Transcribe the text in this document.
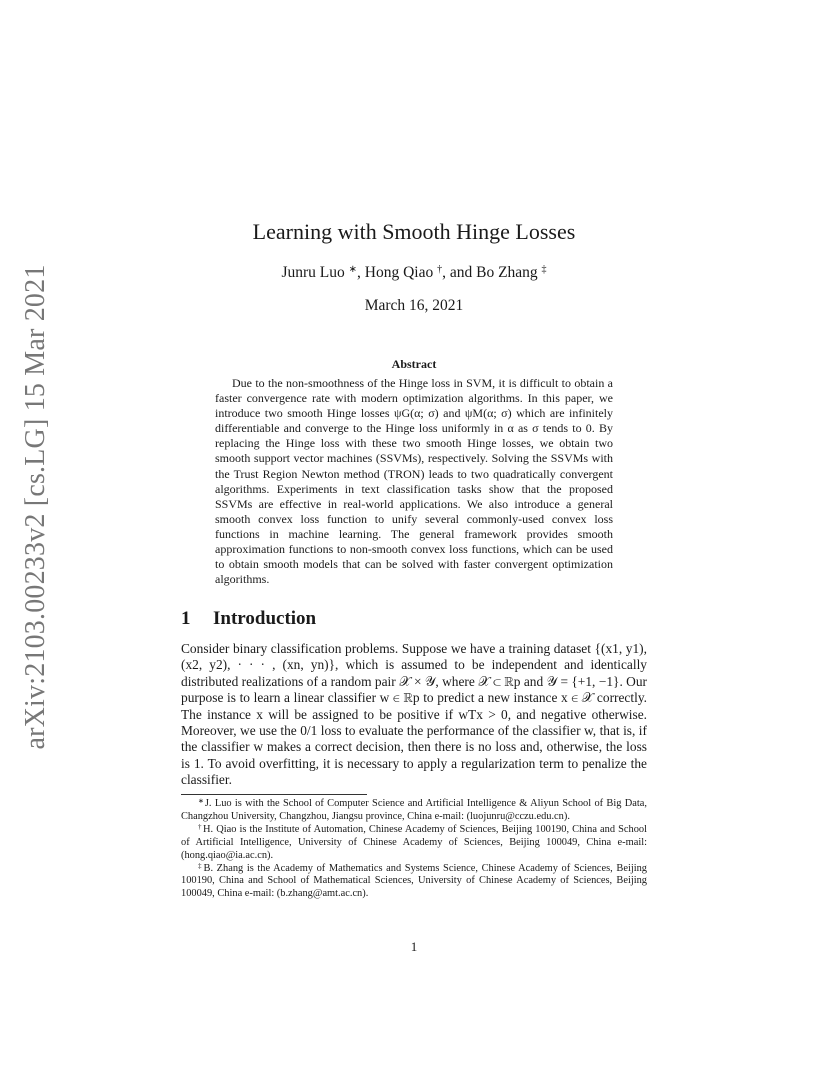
arXiv:2103.00233v2 [cs.LG] 15 Mar 2021
Learning with Smooth Hinge Losses
Junru Luo ∗, Hong Qiao †, and Bo Zhang ‡
March 16, 2021
Abstract

Due to the non-smoothness of the Hinge loss in SVM, it is difficult to obtain a faster convergence rate with modern optimization algorithms. In this paper, we introduce two smooth Hinge losses ψG(α; σ) and ψM(α; σ) which are infinitely differentiable and converge to the Hinge loss uniformly in α as σ tends to 0. By replacing the Hinge loss with these two smooth Hinge losses, we obtain two smooth support vector machines (SSVMs), respectively. Solving the SSVMs with the Trust Region Newton method (TRON) leads to two quadratically convergent algorithms. Experiments in text classification tasks show that the proposed SSVMs are effective in real-world applications. We also introduce a general smooth convex loss function to unify several commonly-used convex loss functions in machine learning. The general framework provides smooth approximation functions to non-smooth convex loss functions, which can be used to obtain smooth models that can be solved with faster convergent optimization algorithms.

1 Introduction

Consider binary classification problems. Suppose we have a training dataset {(x1, y1), (x2, y2), · · · , (xn, yn)}, which is assumed to be independent and identically distributed realizations of a random pair 𝒳 × 𝒴, where 𝒳 ⊂ ℝp and 𝒴 = {+1, −1}. Our purpose is to learn a linear classifier w ∈ ℝp to predict a new instance x ∈ 𝒳 correctly. The instance x will be assigned to be positive if wTx > 0, and negative otherwise. Moreover, we use the 0/1 loss to evaluate the performance of the classifier w, that is, if the classifier w makes a correct decision, then there is no loss and, otherwise, the loss is 1. To avoid overfitting, it is necessary to apply a regularization term to penalize the classifier.

∗J. Luo is with the School of Computer Science and Artificial Intelligence & Aliyun School of Big Data, Changzhou University, Changzhou, Jiangsu province, China e-mail: (luojunru@cczu.edu.cn).

†H. Qiao is the Institute of Automation, Chinese Academy of Sciences, Beijing 100190, China and School of Artificial Intelligence, University of Chinese Academy of Sciences, Beijing 100049, China e-mail: (hong.qiao@ia.ac.cn).

‡B. Zhang is the Academy of Mathematics and Systems Science, Chinese Academy of Sciences, Beijing 100190, China and School of Mathematical Sciences, University of Chinese Academy of Sciences, Beijing 100049, China e-mail: (b.zhang@amt.ac.cn).

1
